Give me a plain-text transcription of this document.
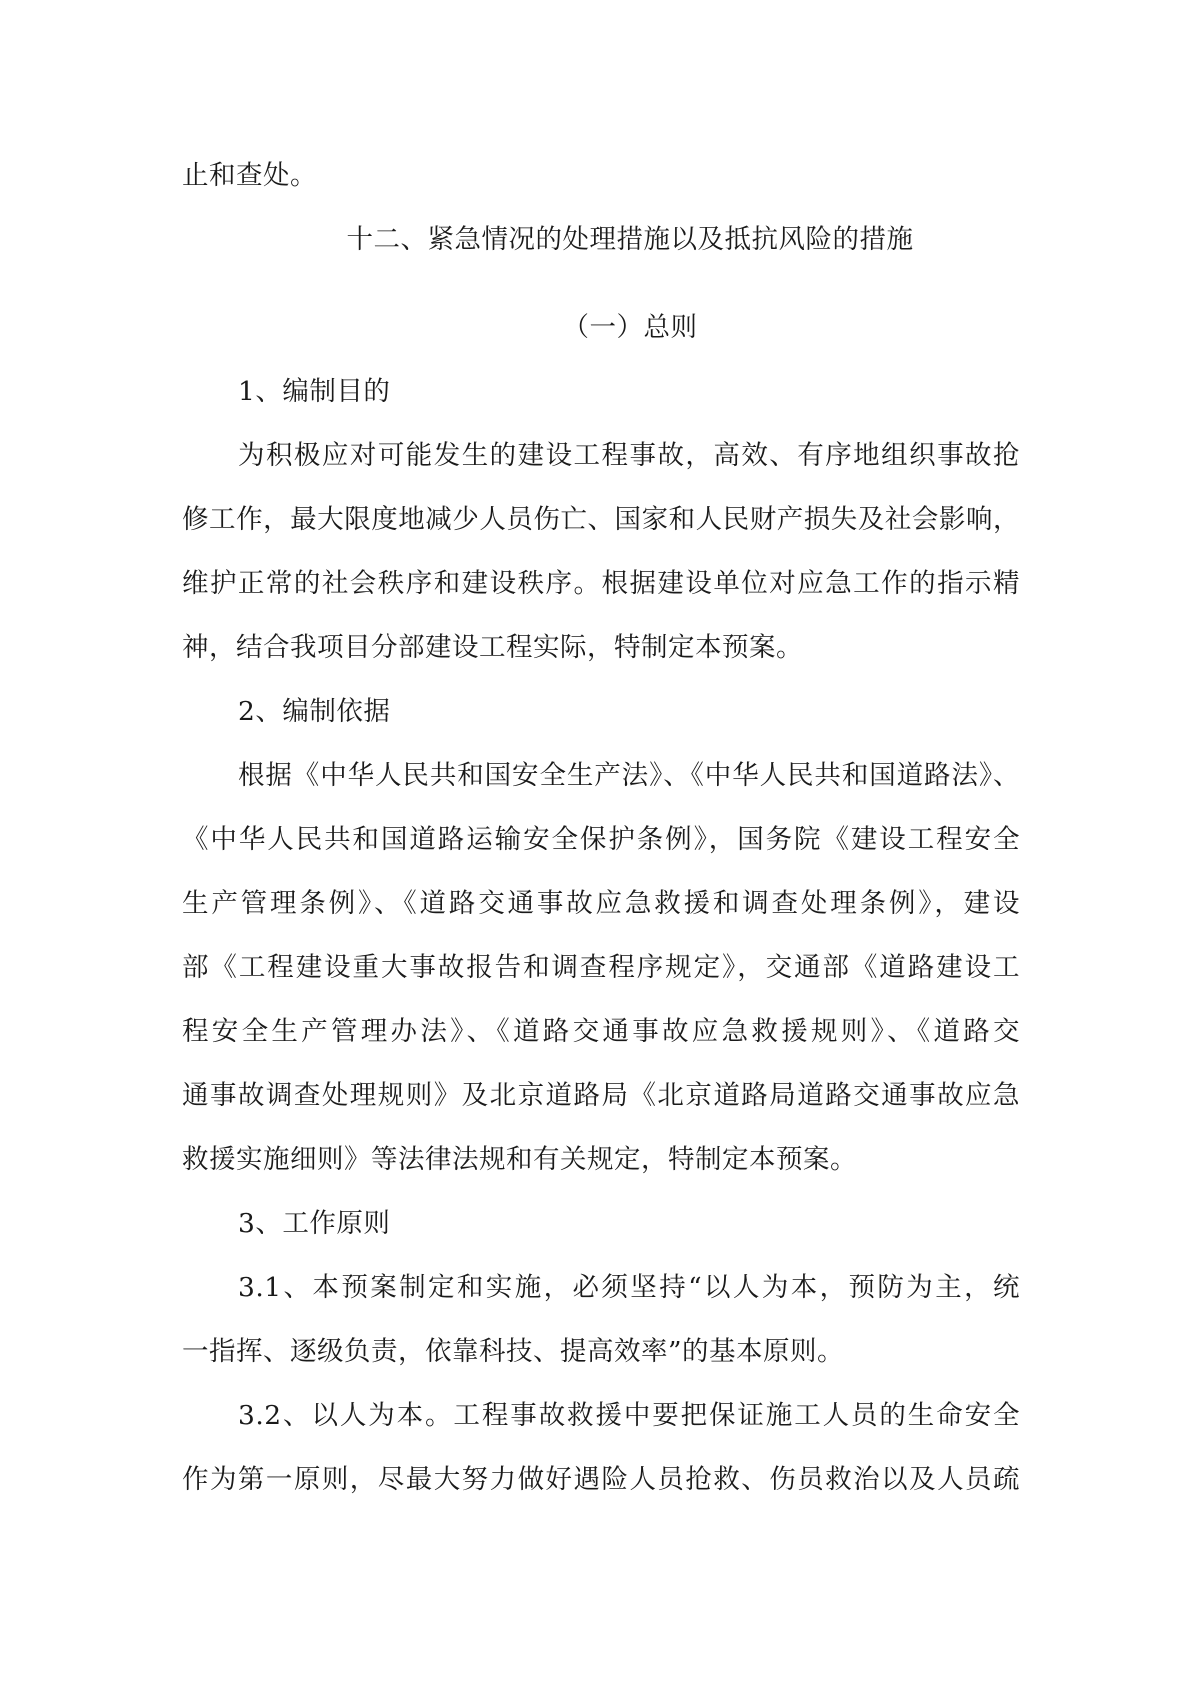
止和查处。
十二、紧急情况的处理措施以及抵抗风险的措施
（一）总则
1、编制目的
为积极应对可能发生的建设工程事故，高效、有序地组织事故抢
修工作，最大限度地减少人员伤亡、国家和人民财产损失及社会影响，
维护正常的社会秩序和建设秩序。根据建设单位对应急工作的指示精
神，结合我项目分部建设工程实际，特制定本预案。
2、编制依据
根据《中华人民共和国安全生产法》、《中华人民共和国道路法》、
《中华人民共和国道路运输安全保护条例》，国务院《建设工程安全
生产管理条例》、《道路交通事故应急救援和调查处理条例》，建设
部《工程建设重大事故报告和调查程序规定》，交通部《道路建设工
程安全生产管理办法》、《道路交通事故应急救援规则》、《道路交
通事故调查处理规则》及北京道路局《北京道路局道路交通事故应急
救援实施细则》等法律法规和有关规定，特制定本预案。
3、工作原则
3.1、本预案制定和实施，必须坚持“以人为本，预防为主，统
一指挥、逐级负责，依靠科技、提高效率”的基本原则。
3.2、以人为本。工程事故救援中要把保证施工人员的生命安全
作为第一原则，尽最大努力做好遇险人员抢救、伤员救治以及人员疏
